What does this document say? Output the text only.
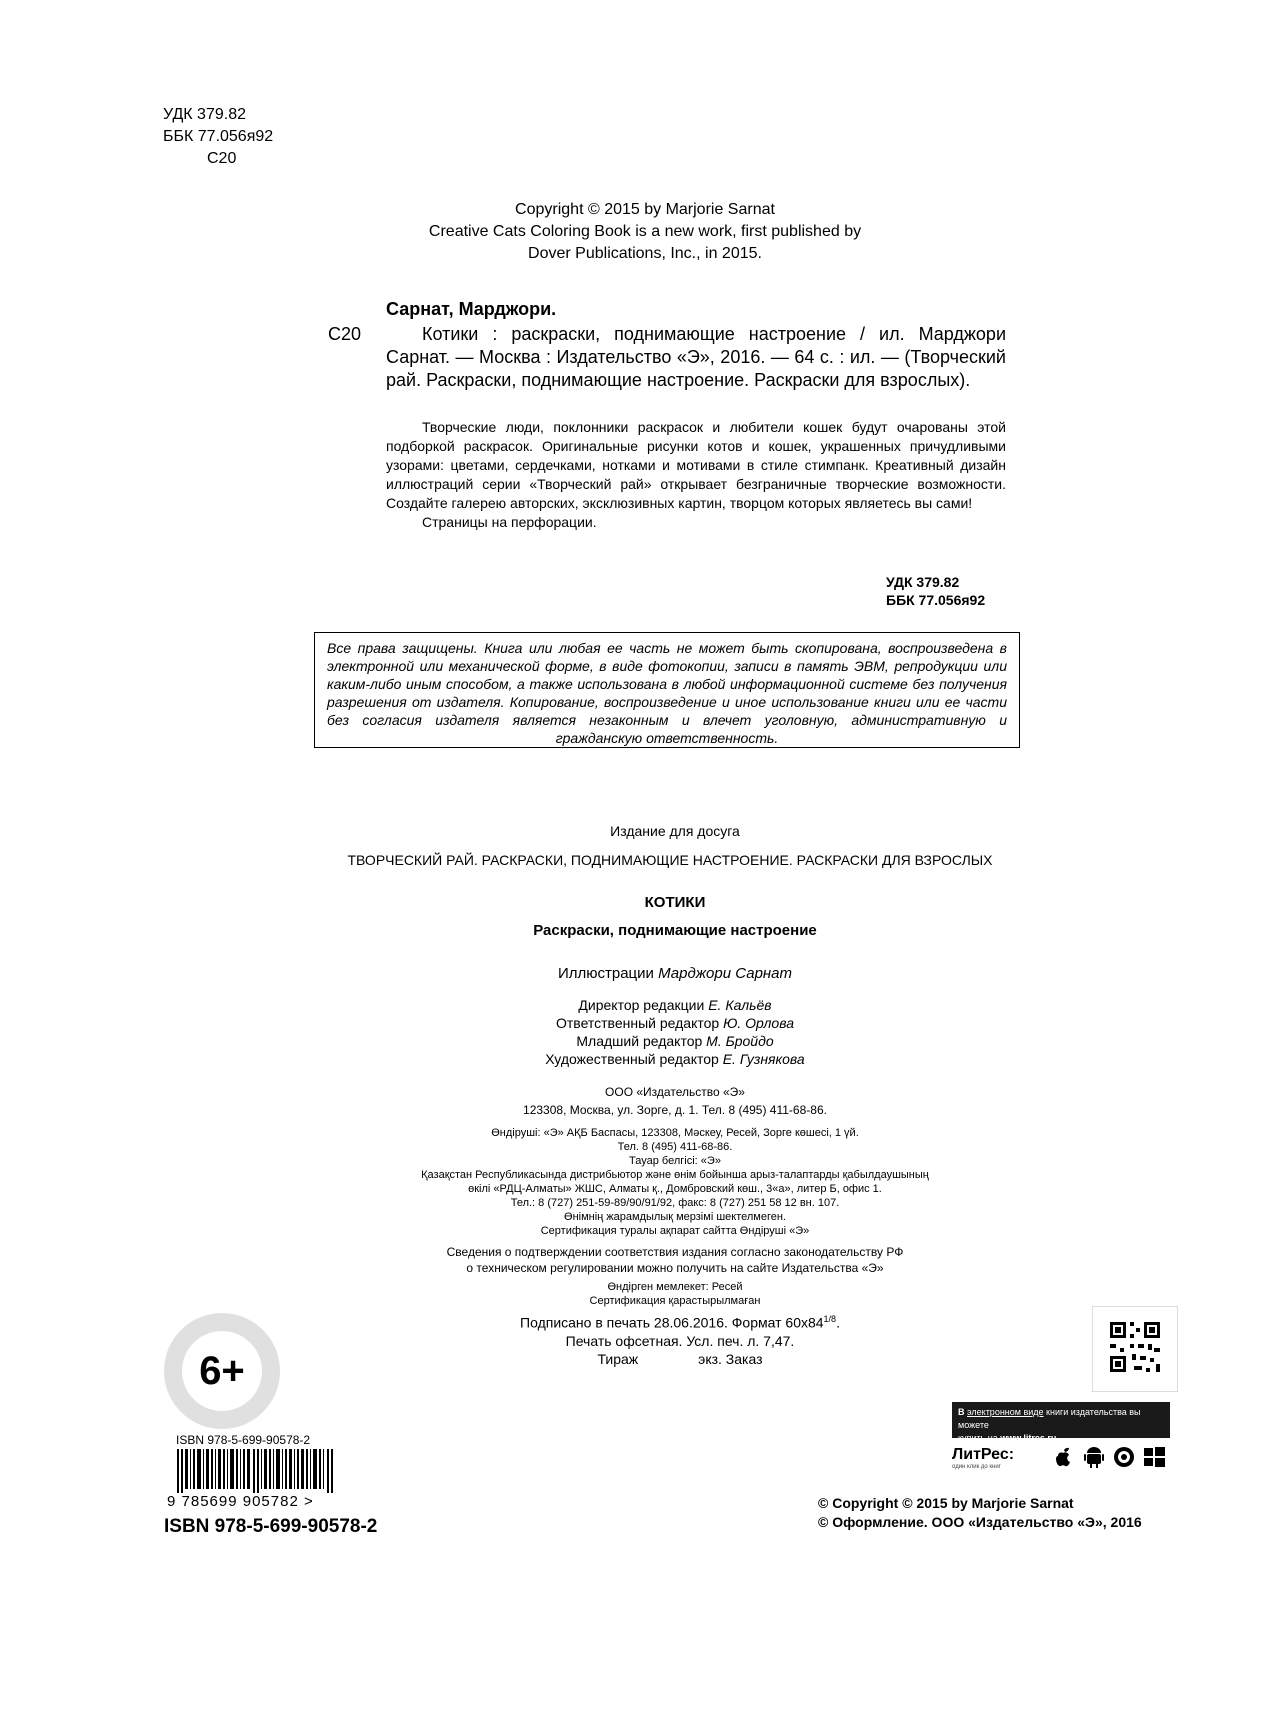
УДК 379.82
ББК 77.056я92
С20
Copyright © 2015 by Marjorie Sarnat
Creative Cats Coloring Book is a new work, first published by
Dover Publications, Inc., in 2015.
С20
Сарнат, Марджори.
Котики : раскраски, поднимающие настроение / ил. Марджори Сарнат. — Москва : Издательство «Э», 2016. — 64 с. : ил. — (Творческий рай. Раскраски, поднимающие настроение. Раскраски для взрослых).

Творческие люди, поклонники раскрасок и любители кошек будут очарованы этой подборкой раскрасок. Оригинальные рисунки котов и кошек, украшенных причудливыми узорами: цветами, сердечками, нотками и мотивами в стиле стимпанк. Креативный дизайн иллюстраций серии «Творческий рай» открывает безграничные творческие возможности. Создайте галерею авторских, эксклюзивных картин, творцом которых являетесь вы сами!

Страницы на перфорации.

УДК 379.82
ББК 77.056я92
Все права защищены. Книга или любая ее часть не может быть скопирована, воспроизведена в электронной или механической форме, в виде фотокопии, записи в память ЭВМ, репродукции или каким-либо иным способом, а также использована в любой информационной системе без получения разрешения от издателя. Копирование, воспроизведение и иное использование книги или ее части без согласия издателя является незаконным и влечет уголовную, административную и гражданскую ответственность.
Издание для досуга
ТВОРЧЕСКИЙ РАЙ. РАСКРАСКИ, ПОДНИМАЮЩИЕ НАСТРОЕНИЕ. РАСКРАСКИ ДЛЯ ВЗРОСЛЫХ
КОТИКИ
Раскраски, поднимающие настроение
Иллюстрации Марджори Сарнат
Директор редакции Е. Кальёв
Ответственный редактор Ю. Орлова
Младший редактор М. Бройдо
Художественный редактор Е. Гузнякова
ООО «Издательство «Э»
123308, Москва, ул. Зорге, д. 1. Тел. 8 (495) 411-68-86.
Өндіруші: «Э» АҚБ Баспасы, 123308, Мәскеу, Ресей, Зорге көшесі, 1 үй.
Тел. 8 (495) 411-68-86.
Тауар белгісі: «Э»
Қазақстан Республикасында дистрибьютор және өнім бойынша арыз-талаптарды қабылдаушының
өкілі «РДЦ-Алматы» ЖШС, Алматы қ., Домбровский көш., 3«а», литер Б, офис 1.
Тел.: 8 (727) 251-59-89/90/91/92, факс: 8 (727) 251 58 12 вн. 107.
Өнімнің жарамдылық мерзімі шектелмеген.
Сертификация туралы ақпарат сайтта Өндіруші «Э»
Сведения о подтверждении соответствия издания согласно законодательству РФ
о техническом регулировании можно получить на сайте Издательства «Э»
Өндірген мемлекет: Ресей
Сертификация қарастырылмаған
Подписано в печать 28.06.2016. Формат $60x84^{1/8}$.
Печать офсетная. Усл. печ. л. 7,47.
Тираж	экз. Заказ
6+
ISBN 978-5-699-90578-2
9 785699 905782 >
ISBN 978-5-699-90578-2
В электронном виде книги издательства вы можете
купить на www.litres.ru
ЛитРес:
один клик до книг
© Copyright © 2015 by Marjorie Sarnat
© Оформление. ООО «Издательство «Э», 2016
